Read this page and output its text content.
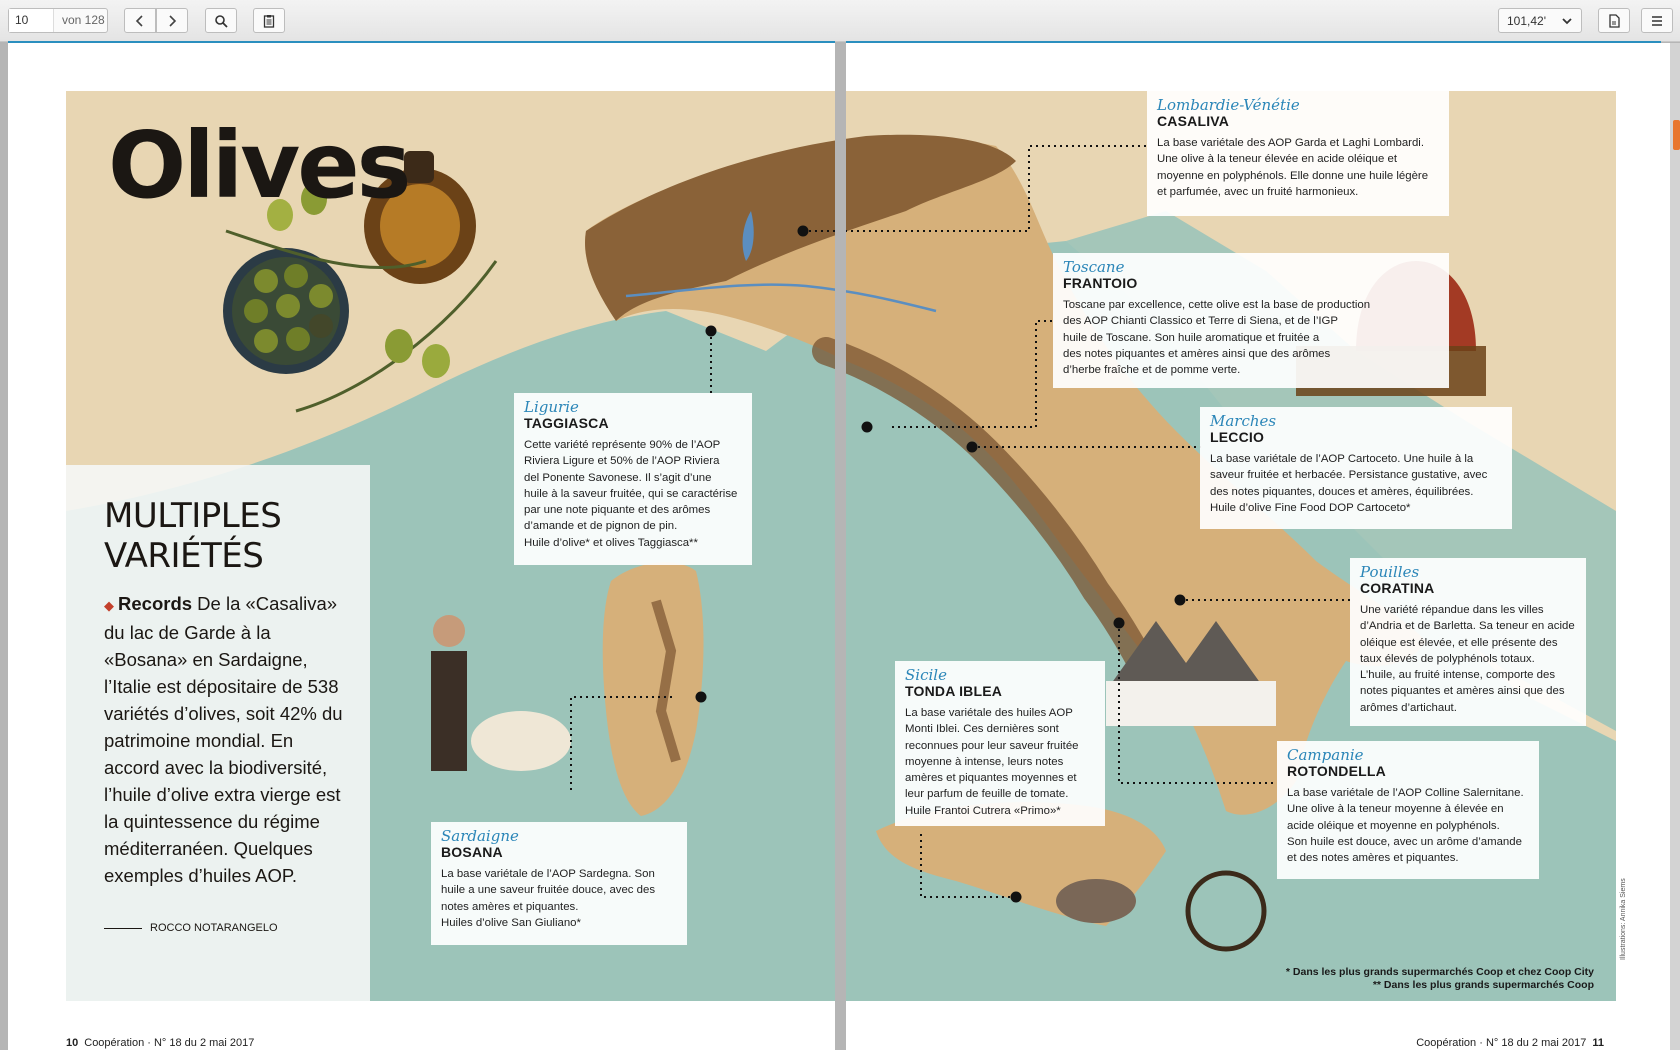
10	von 128	101,42'
Olives
MULTIPLES VARIÉTÉS
◆ Records De la «Casaliva» du lac de Garde à la «Bosana» en Sardaigne, l’Italie est dépositaire de 538 variétés d’olives, soit 42% du patrimoine mondial. En accord avec la biodiversité, l’huile d’olive extra vierge est la quintessence du régime méditerranéen. Quelques exemples d’huiles AOP.
ROCCO NOTARANGELO
Ligurie
TAGGIASCA
Cette variété représente 90% de l’AOP
Riviera Ligure et 50% de l’AOP Riviera
del Ponente Savonese. Il s’agit d’une
huile à la saveur fruitée, qui se caractérise
par une note piquante et des arômes
d’amande et de pignon de pin.
Huile d’olive* et olives Taggiasca**
Sardaigne
BOSANA
La base variétale de l’AOP Sardegna. Son
huile a une saveur fruitée douce, avec des
notes amères et piquantes.
Huiles d’olive San Giuliano*
Lombardie-Vénétie
CASALIVA
La base variétale des AOP Garda et Laghi Lombardi.
Une olive à la teneur élevée en acide oléique et
moyenne en polyphénols. Elle donne une huile légère
et parfumée, avec un fruité harmonieux.
Toscane
FRANTOIO
Toscane par excellence, cette olive est la base de production
des AOP Chianti Classico et Terre di Siena, et de l’IGP
huile de Toscane. Son huile aromatique et fruitée a
des notes piquantes et amères ainsi que des arômes
d’herbe fraîche et de pomme verte.
Marches
LECCIO
La base variétale de l’AOP Cartoceto. Une huile à la
saveur fruitée et herbacée. Persistance gustative, avec
des notes piquantes, douces et amères, équilibrées.
Huile d’olive Fine Food DOP Cartoceto*
Pouilles
CORATINA
Une variété répandue dans les villes
d’Andria et de Barletta. Sa teneur en acide
oléique est élevée, et elle présente des
taux élevés de polyphénols totaux.
L’huile, au fruité intense, comporte des
notes piquantes et amères ainsi que des
arômes d’artichaut.
Sicile
TONDA IBLEA
La base variétale des huiles AOP
Monti Iblei. Ces dernières sont
reconnues pour leur saveur fruitée
moyenne à intense, leurs notes
amères et piquantes moyennes et
leur parfum de feuille de tomate.
Huile Frantoi Cutrera «Primo»*
Campanie
ROTONDELLA
La base variétale de l’AOP Colline Salernitane.
Une olive à la teneur moyenne à élevée en
acide oléique et moyenne en polyphénols.
Son huile est douce, avec un arôme d’amande
et des notes amères et piquantes.
* Dans les plus grands supermarchés Coop et chez Coop City
** Dans les plus grands supermarchés Coop
Illustrations: Annika Siems
10 Coopération · N° 18 du 2 mai 2017	Coopération · N° 18 du 2 mai 2017 11
